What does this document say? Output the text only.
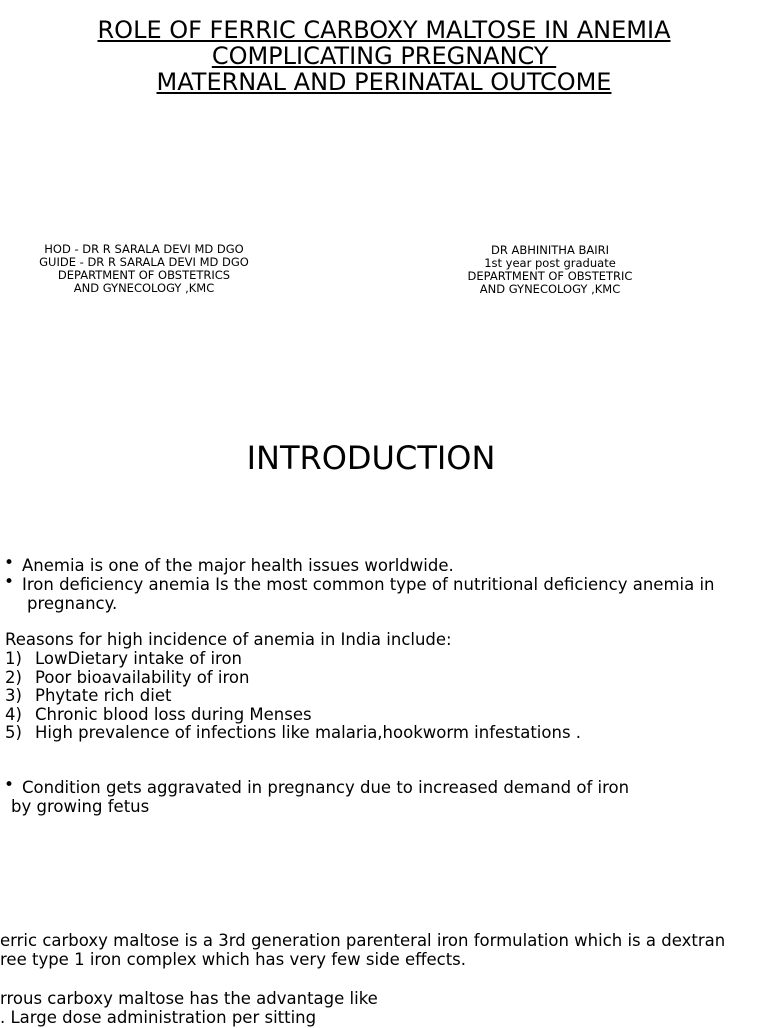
ROLE OF FERRIC CARBOXY MALTOSE IN ANEMIA
COMPLICATING PREGNANCY
MATERNAL AND PERINATAL OUTCOME
HOD - DR R SARALA DEVI MD DGO
GUIDE - DR R SARALA DEVI MD DGO
DEPARTMENT OF OBSTETRICS
AND GYNECOLOGY ,KMC
DR ABHINITHA BAIRI
1st year post graduate
DEPARTMENT OF OBSTETRIC
AND GYNECOLOGY ,KMC
INTRODUCTION
• Anemia is one of the major health issues worldwide.
• Iron deficiency anemia Is the most common type of nutritional deficiency anemia in
pregnancy.
Reasons for high incidence of anemia in India include:
1) LowDietary intake of iron
2) Poor bioavailability of iron
3) Phytate rich diet
4) Chronic blood loss during Menses
5) High prevalence of infections like malaria,hookworm infestations .
• Condition gets aggravated in pregnancy due to increased demand of iron
by growing fetus
erric carboxy maltose is a 3rd generation parenteral iron formulation which is a dextran
ree type 1 iron complex which has very few side effects.
rrous carboxy maltose has the advantage like
. Large dose administration per sitting
